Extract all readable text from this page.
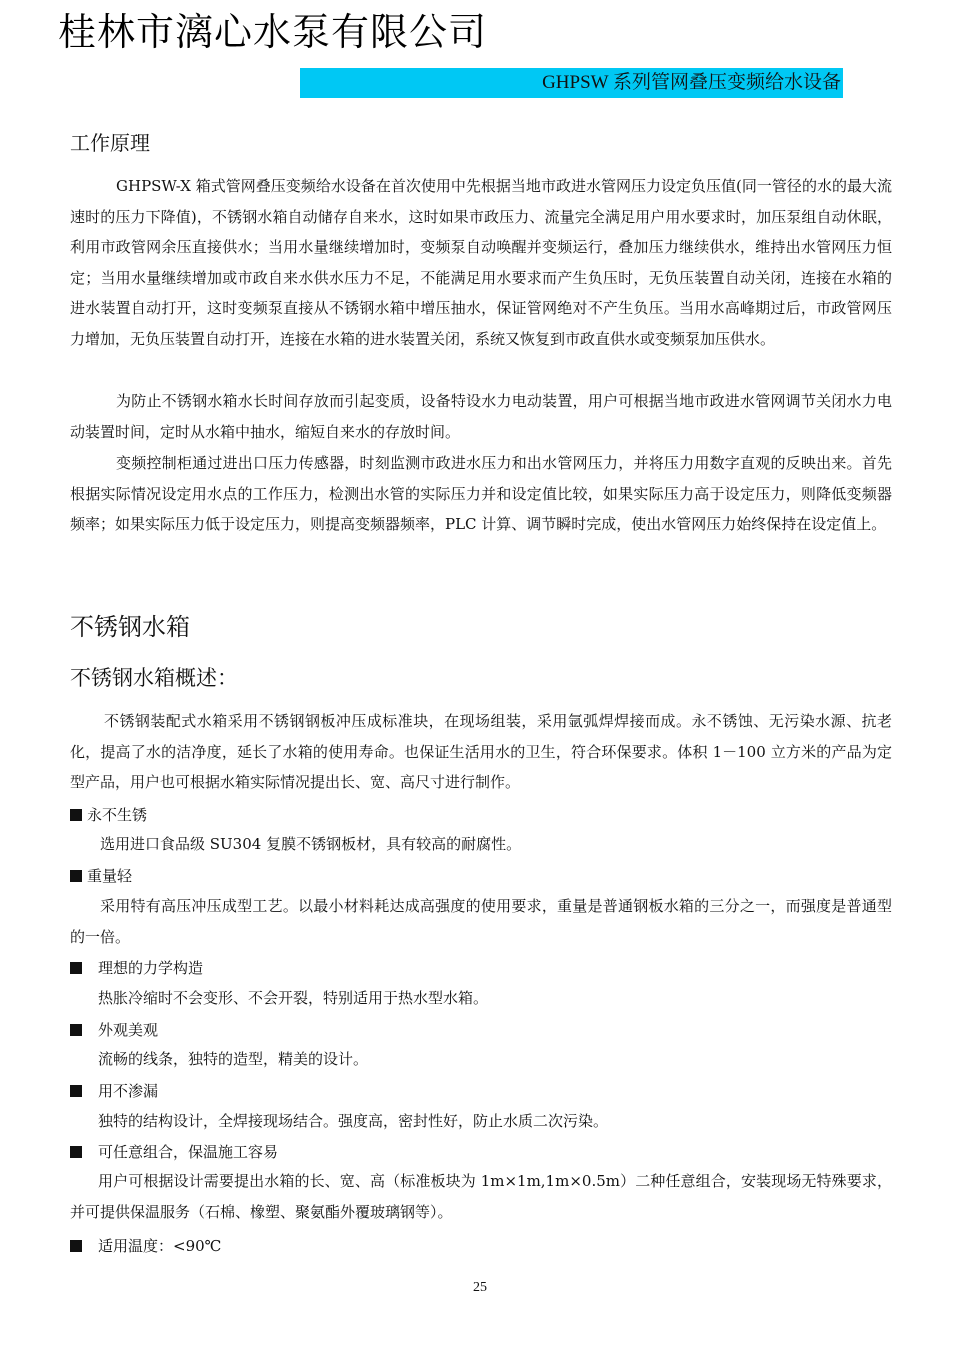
桂林市漓心水泵有限公司
GHPSW 系列管网叠压变频给水设备
工作原理

GHPSW-X 箱式管网叠压变频给水设备在首次使用中先根据当地市政进水管网压力设定负压值(同一管径的水的最大流速时的压力下降值)，不锈钢水箱自动储存自来水，这时如果市政压力、流量完全满足用户用水要求时，加压泵组自动休眠，利用市政管网余压直接供水；当用水量继续增加时，变频泵自动唤醒并变频运行，叠加压力继续供水，维持出水管网压力恒定；当用水量继续增加或市政自来水供水压力不足，不能满足用水要求而产生负压时，无负压装置自动关闭，连接在水箱的进水装置自动打开，这时变频泵直接从不锈钢水箱中增压抽水，保证管网绝对不产生负压。当用水高峰期过后，市政管网压力增加，无负压装置自动打开，连接在水箱的进水装置关闭，系统又恢复到市政直供水或变频泵加压供水。

为防止不锈钢水箱水长时间存放而引起变质，设备特设水力电动装置，用户可根据当地市政进水管网调节关闭水力电动装置时间，定时从水箱中抽水，缩短自来水的存放时间。

变频控制柜通过进出口压力传感器，时刻监测市政进水压力和出水管网压力，并将压力用数字直观的反映出来。首先根据实际情况设定用水点的工作压力，检测出水管的实际压力并和设定值比较，如果实际压力高于设定压力，则降低变频器频率；如果实际压力低于设定压力，则提高变频器频率，PLC 计算、调节瞬时完成，使出水管网压力始终保持在设定值上。

不锈钢水箱
不锈钢水箱概述：

不锈钢装配式水箱采用不锈钢钢板冲压成标准块，在现场组装，采用氩弧焊焊接而成。永不锈蚀、无污染水源、抗老化，提高了水的洁净度，延长了水箱的使用寿命。也保证生活用水的卫生，符合环保要求。体积 1－100 立方米的产品为定型产品，用户也可根据水箱实际情况提出长、宽、高尺寸进行制作。

永不生锈

选用进口食品级 SU304 复膜不锈钢板材，具有较高的耐腐性。

重量轻

采用特有高压冲压成型工艺。以最小材料耗达成高强度的使用要求，重量是普通钢板水箱的三分之一，而强度是普通型的一倍。

理想的力学构造

热胀冷缩时不会变形、不会开裂，特别适用于热水型水箱。

外观美观

流畅的线条，独特的造型，精美的设计。

用不渗漏

独特的结构设计，全焊接现场结合。强度高，密封性好，防止水质二次污染。

可任意组合，保温施工容易

用户可根据设计需要提出水箱的长、宽、高（标准板块为 1m×1m,1m×0.5m）二种任意组合，安装现场无特殊要求，并可提供保温服务（石棉、橡塑、聚氨酯外覆玻璃钢等）。

适用温度：<90℃
25
